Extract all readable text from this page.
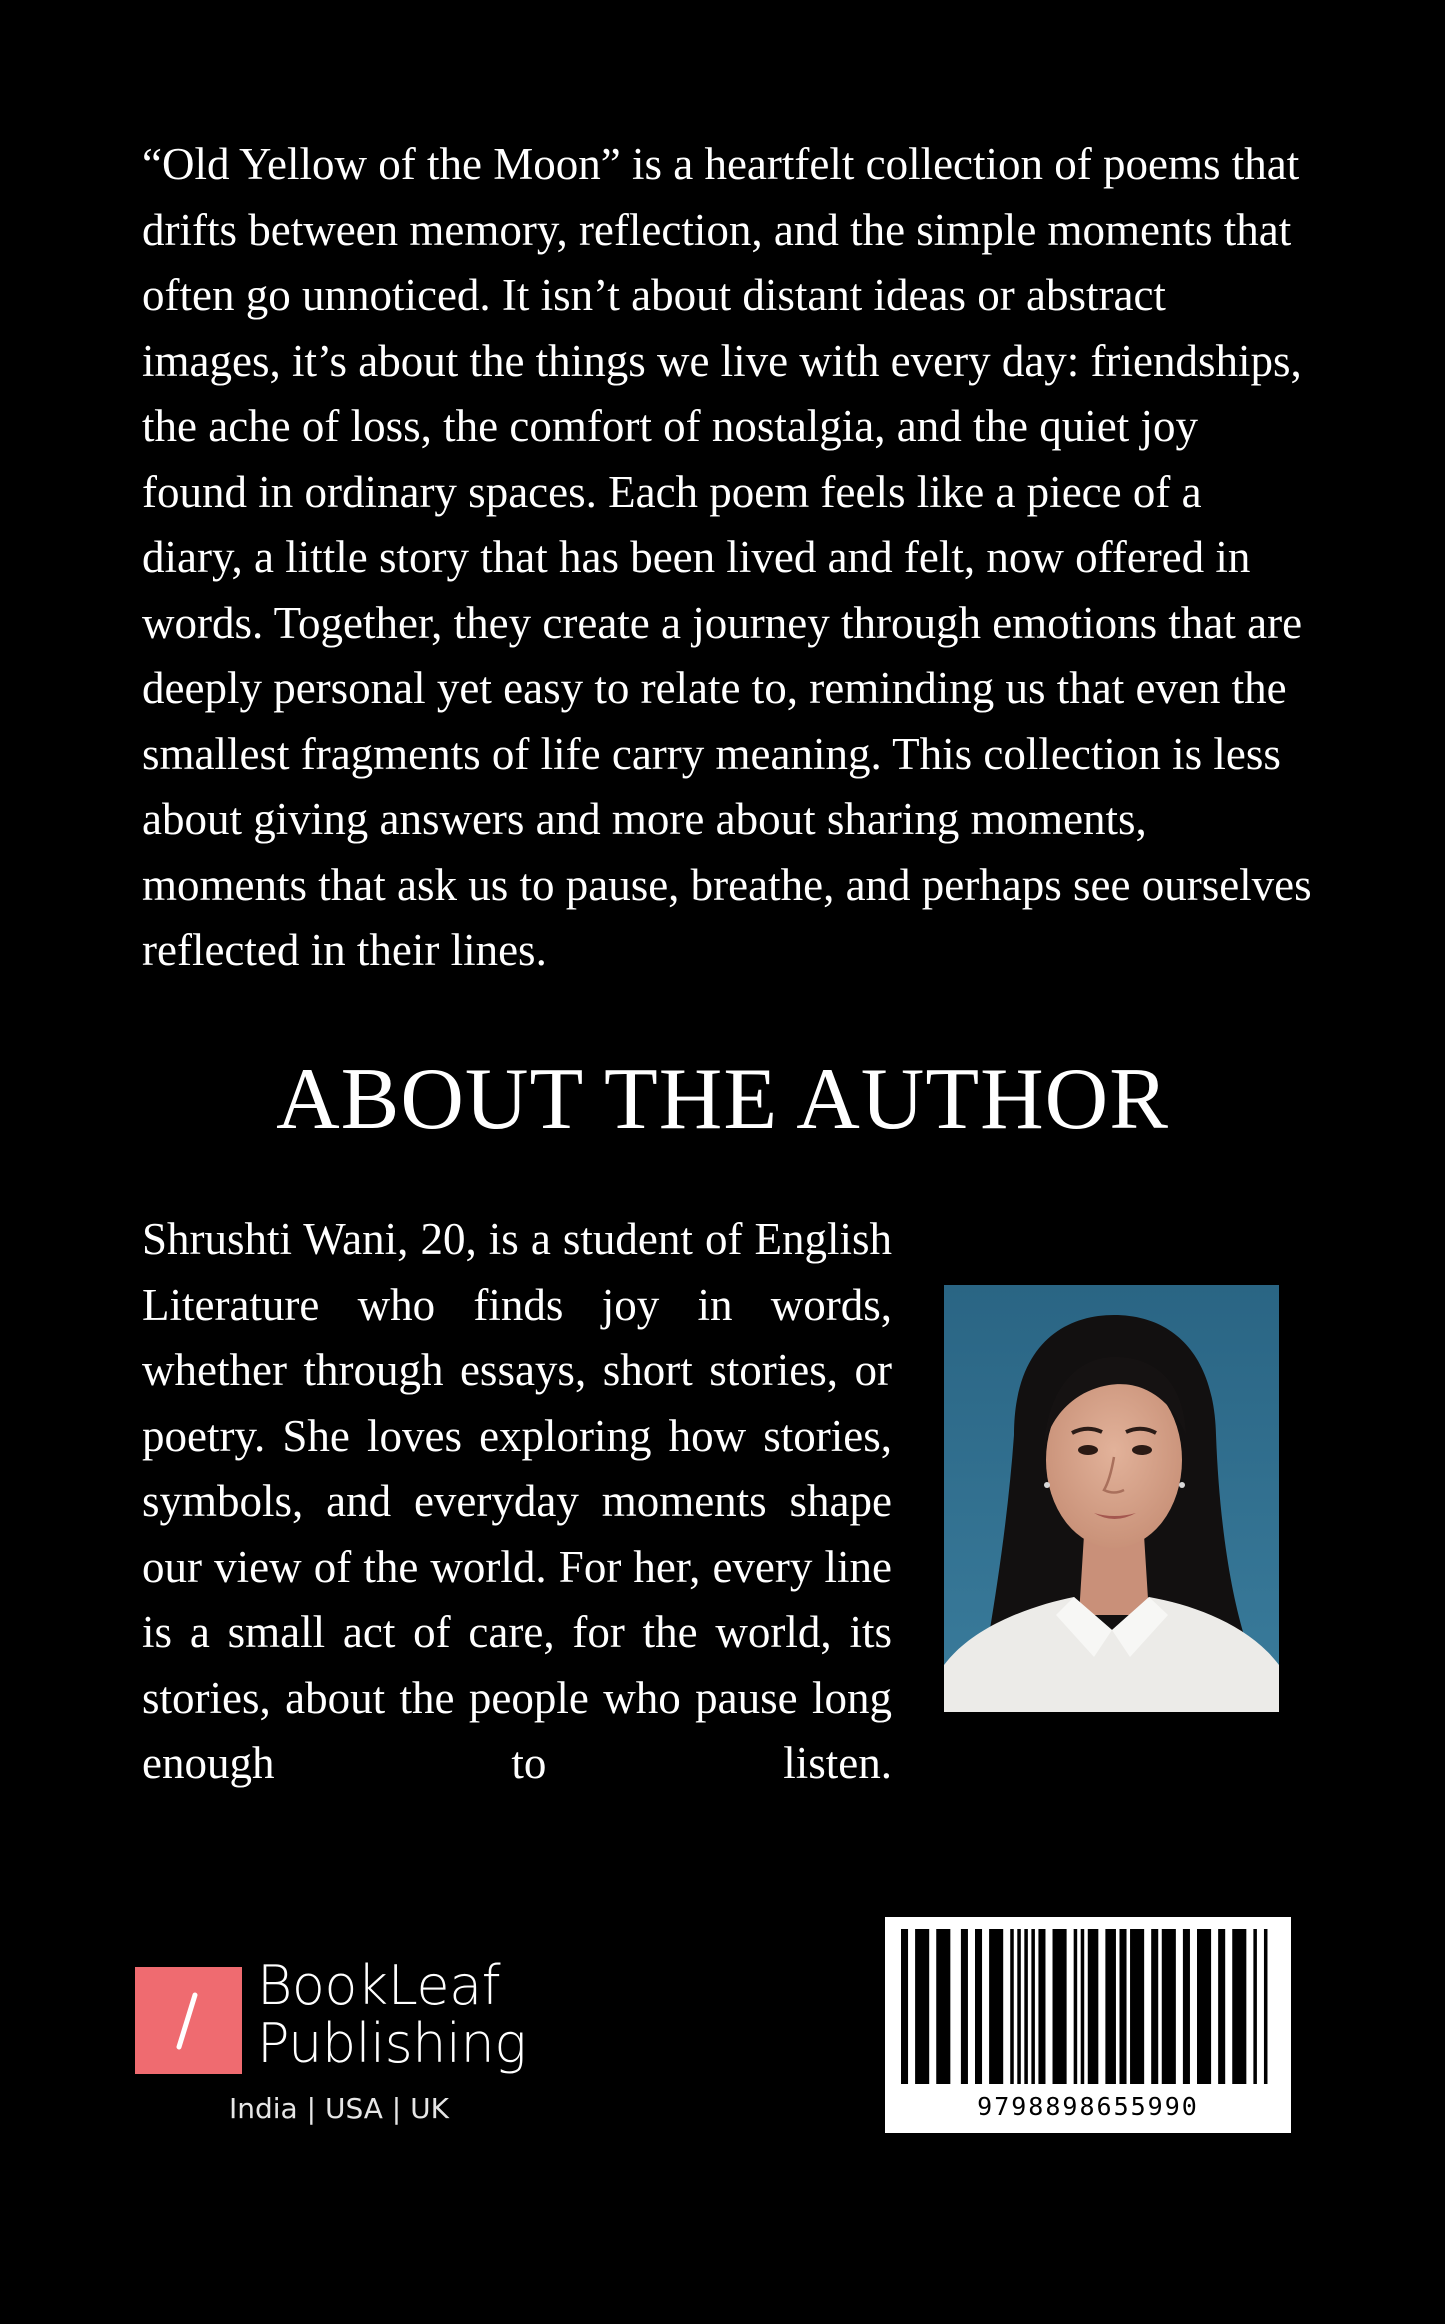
“Old Yellow of the Moon” is a heartfelt collection of poems that drifts between memory, reflection, and the simple moments that often go unnoticed. It isn’t about distant ideas or abstract images, it’s about the things we live with every day: friendships, the ache of loss, the comfort of nostalgia, and the quiet joy found in ordinary spaces. Each poem feels like a piece of a diary, a little story that has been lived and felt, now offered in words. Together, they create a journey through emotions that are deeply personal yet easy to relate to, reminding us that even the smallest fragments of life carry meaning. This collection is less about giving answers and more about sharing moments, moments that ask us to pause, breathe, and perhaps see ourselves reflected in their lines.

ABOUT THE AUTHOR

Shrushti Wani, 20, is a student of English Literature who finds joy in words, whether through essays, short stories, or poetry. She loves exploring how stories, symbols, and everyday moments shape our view of the world. For her, every line is a small act of care, for the world, its stories, about the people who pause long enough to listen.

BookLeaf
Publishing
India | USA | UK	9798898655990
